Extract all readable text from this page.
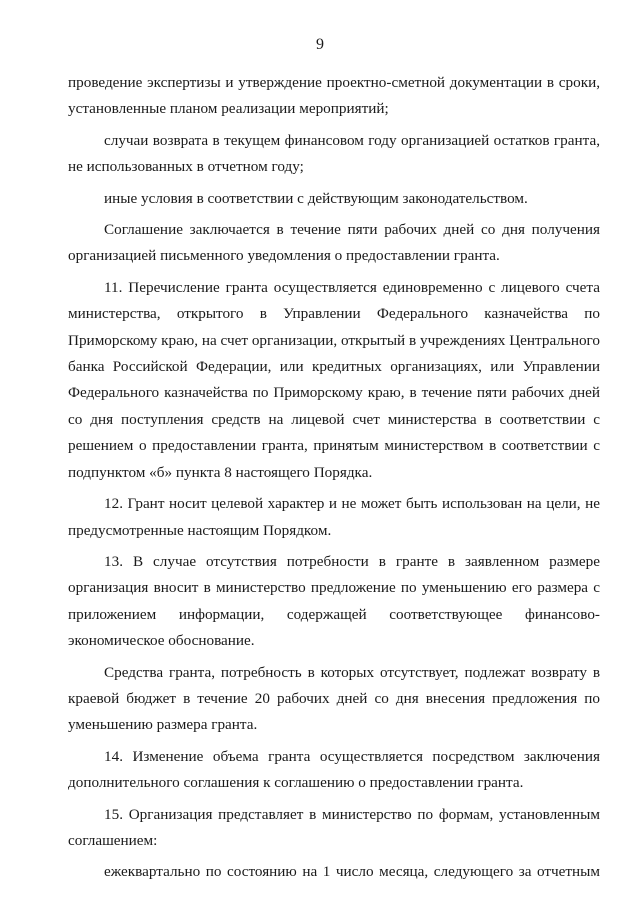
9

проведение экспертизы и утверждение проектно-сметной документации в сроки, установленные планом реализации мероприятий;

случаи возврата в текущем финансовом году организацией остатков гранта, не использованных в отчетном году;

иные условия в соответствии с действующим законодательством.

Соглашение заключается в течение пяти рабочих дней со дня получения организацией письменного уведомления о предоставлении гранта.

11. Перечисление гранта осуществляется единовременно с лицевого счета министерства, открытого в Управлении Федерального казначейства по Приморскому краю, на счет организации, открытый в учреждениях Центрального банка Российской Федерации, или кредитных организациях, или Управлении Федерального казначейства по Приморскому краю, в течение пяти рабочих дней со дня поступления средств на лицевой счет министерства в соответствии с решением о предоставлении гранта, принятым министерством в соответствии с подпунктом «б» пункта 8 настоящего Порядка.

12. Грант носит целевой характер и не может быть использован на цели, не предусмотренные настоящим Порядком.

13. В случае отсутствия потребности в гранте в заявленном размере организация вносит в министерство предложение по уменьшению его размера с приложением информации, содержащей соответствующее финансово-экономическое обоснование.

Средства гранта, потребность в которых отсутствует, подлежат возврату в краевой бюджет в течение 20 рабочих дней со дня внесения предложения по уменьшению размера гранта.

14. Изменение объема гранта осуществляется посредством заключения дополнительного соглашения к соглашению о предоставлении гранта.

15. Организация представляет в министерство по формам, установленным соглашением:

ежеквартально по состоянию на 1 число месяца, следующего за отчетным
